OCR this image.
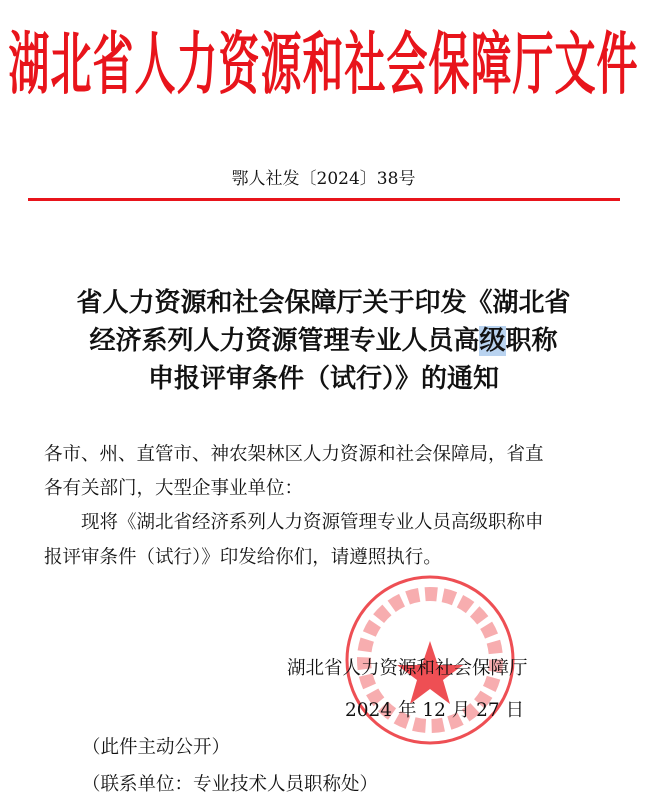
湖北省人力资源和社会保障厅文件
鄂人社发〔2024〕38号
省人力资源和社会保障厅关于印发《湖北省
经济系列人力资源管理专业人员高级职称
申报评审条件（试行）》的通知
各市、州、直管市、神农架林区人力资源和社会保障局，省直
各有关部门，大型企事业单位：
现将《湖北省经济系列人力资源管理专业人员高级职称申
报评审条件（试行）》印发给你们，请遵照执行。
湖北省人力资源和社会保障厅
2024 年 12 月 27 日
（此件主动公开）
（联系单位：专业技术人员职称处）
